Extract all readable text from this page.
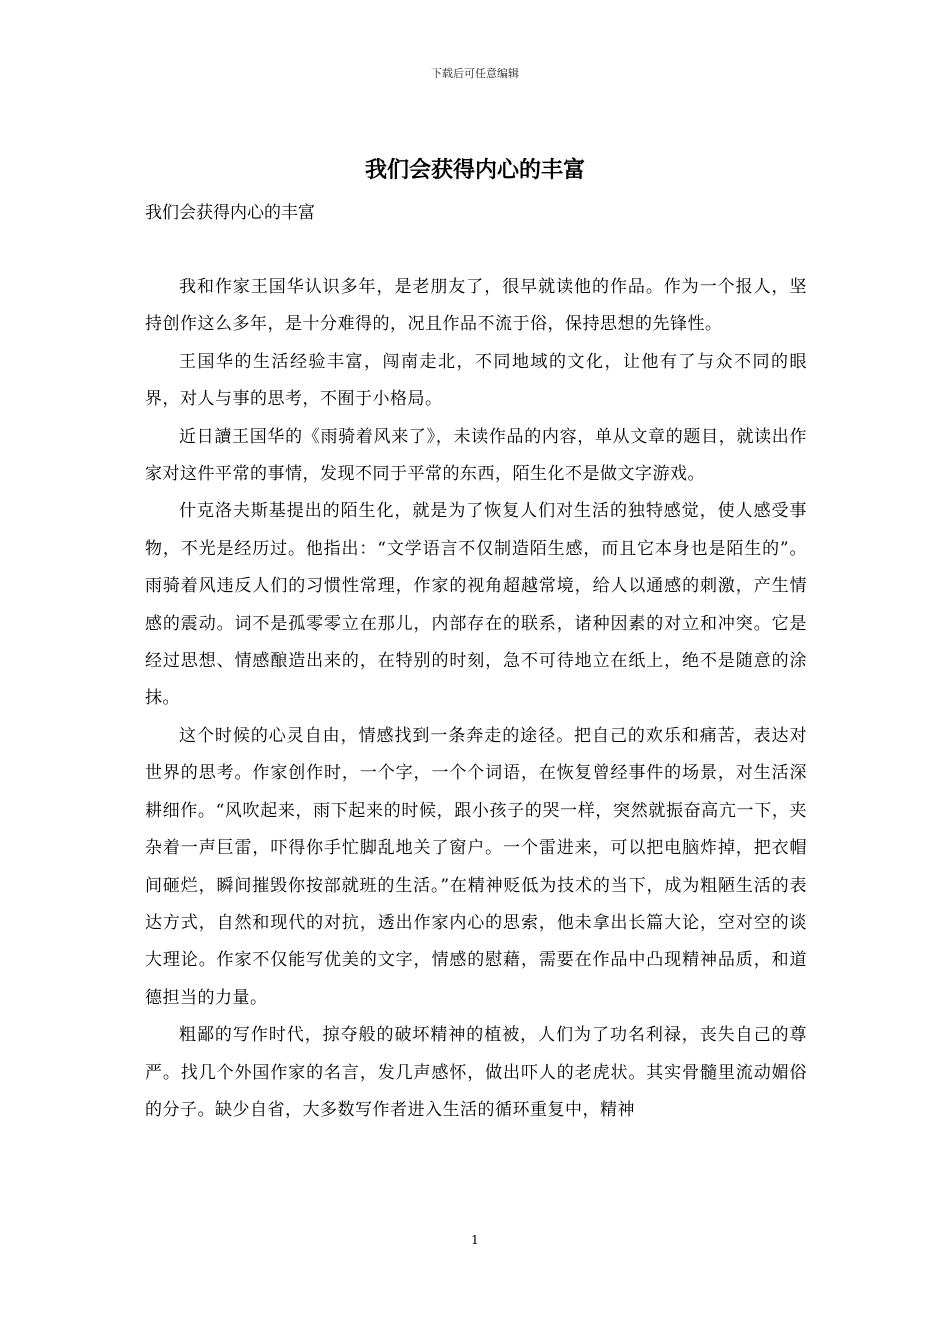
下载后可任意编辑
我们会获得内心的丰富
我们会获得内心的丰富

我和作家王国华认识多年，是老朋友了，很早就读他的作品。作为一个报人，坚持创作这么多年，是十分难得的，况且作品不流于俗，保持思想的先锋性。

王国华的生活经验丰富，闯南走北，不同地域的文化，让他有了与众不同的眼界，对人与事的思考，不囿于小格局。

近日讀王国华的《雨骑着风来了》，未读作品的内容，单从文章的题目，就读出作家对这件平常的事情，发现不同于平常的东西，陌生化不是做文字游戏。

什克洛夫斯基提出的陌生化，就是为了恢复人们对生活的独特感觉，使人感受事物，不光是经历过。他指出：“文学语言不仅制造陌生感，而且它本身也是陌生的”。雨骑着风违反人们的习惯性常理，作家的视角超越常境，给人以通感的刺激，产生情感的震动。词不是孤零零立在那儿，内部存在的联系，诸种因素的对立和冲突。它是经过思想、情感酿造出来的，在特别的时刻，急不可待地立在纸上，绝不是随意的涂抹。

这个时候的心灵自由，情感找到一条奔走的途径。把自己的欢乐和痛苦，表达对世界的思考。作家创作时，一个字，一个个词语，在恢复曾经事件的场景，对生活深耕细作。“风吹起来，雨下起来的时候，跟小孩子的哭一样，突然就振奋高亢一下，夹杂着一声巨雷，吓得你手忙脚乱地关了窗户。一个雷进来，可以把电脑炸掉，把衣帽间砸烂，瞬间摧毁你按部就班的生活。”在精神贬低为技术的当下，成为粗陋生活的表达方式，自然和现代的对抗，透出作家内心的思索，他未拿出长篇大论，空对空的谈大理论。作家不仅能写优美的文字，情感的慰藉，需要在作品中凸现精神品质，和道德担当的力量。

粗鄙的写作时代，掠夺般的破坏精神的植被，人们为了功名利禄，丧失自己的尊严。找几个外国作家的名言，发几声感怀，做出吓人的老虎状。其实骨髓里流动媚俗的分子。缺少自省，大多数写作者进入生活的循环重复中，精神

1
